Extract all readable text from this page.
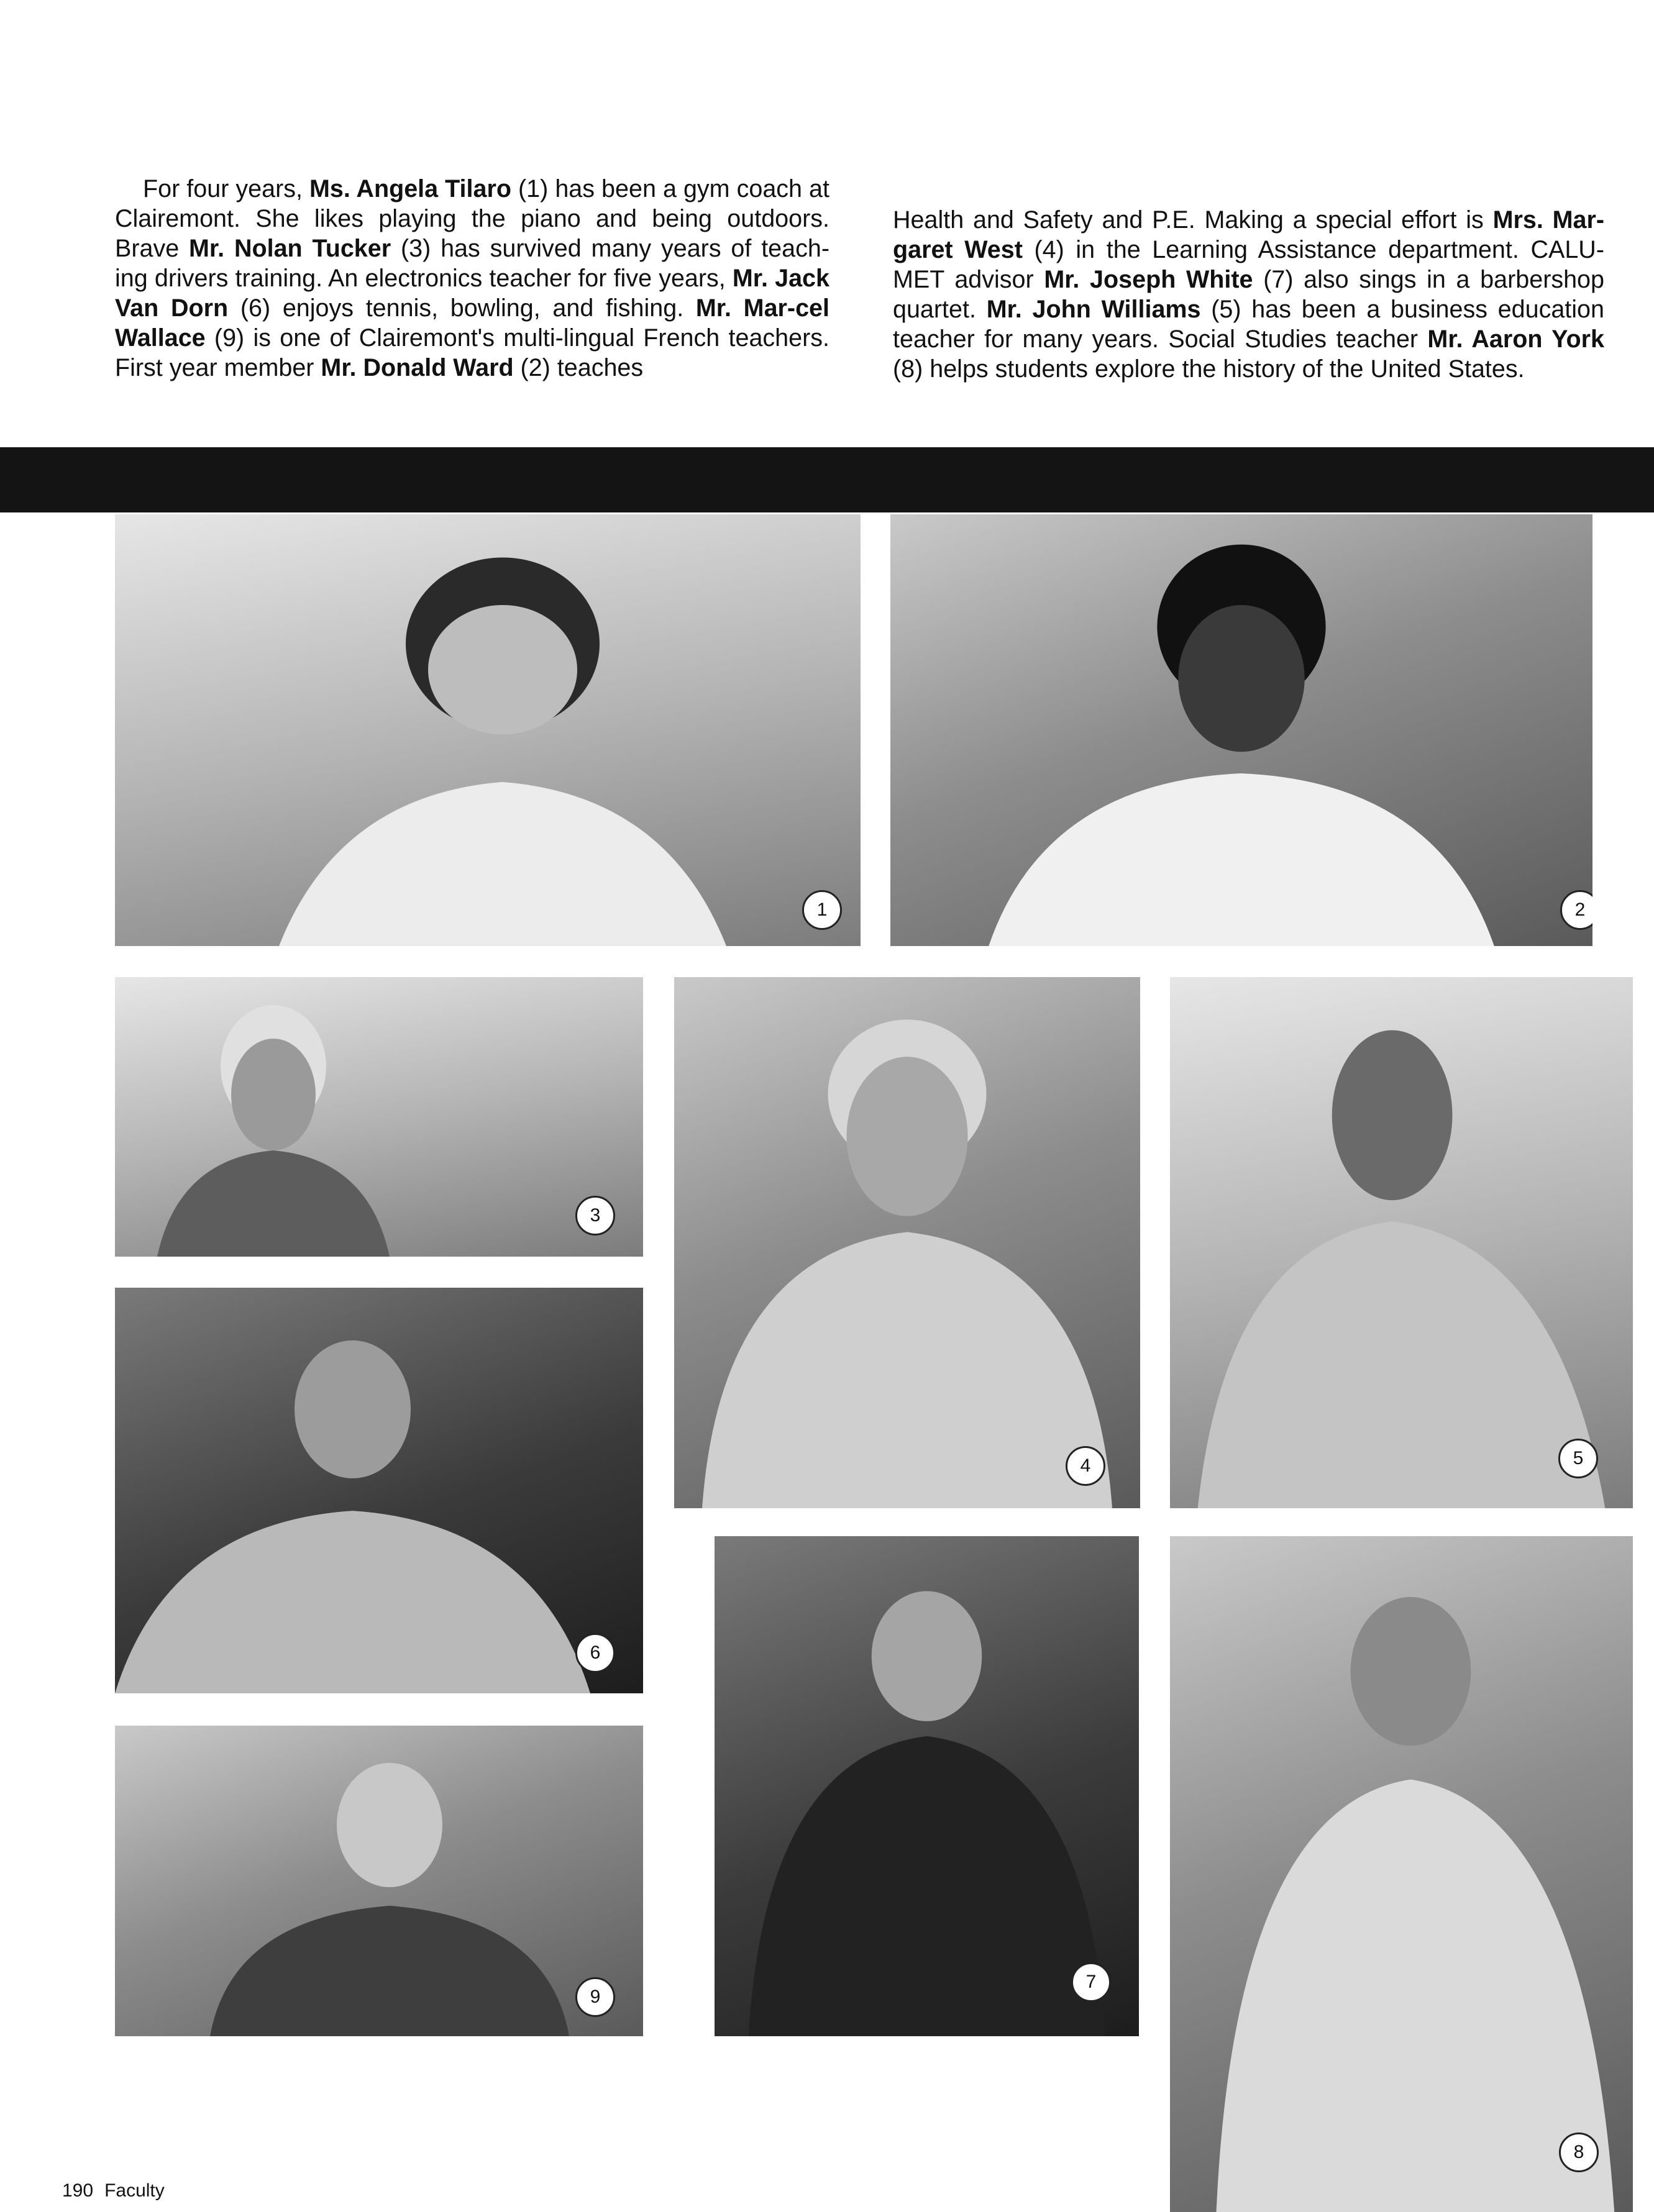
For four years, Ms. Angela Tilaro (1) has been a gym coach at Clairemont. She likes playing the piano and being outdoors. Brave Mr. Nolan Tucker (3) has survived many years of teach-ing drivers training. An electronics teacher for five years, Mr. Jack Van Dorn (6) enjoys tennis, bowling, and fishing. Mr. Mar-cel Wallace (9) is one of Clairemont's multi-lingual French teachers. First year member Mr. Donald Ward (2) teaches
Health and Safety and P.E. Making a special effort is Mrs. Mar-garet West (4) in the Learning Assistance department. CALU-MET advisor Mr. Joseph White (7) also sings in a barbershop quartet. Mr. John Williams (5) has been a business education teacher for many years. Social Studies teacher Mr. Aaron York (8) helps students explore the history of the United States.
1	2
3
4	5
6
7
8
9
190 Faculty
